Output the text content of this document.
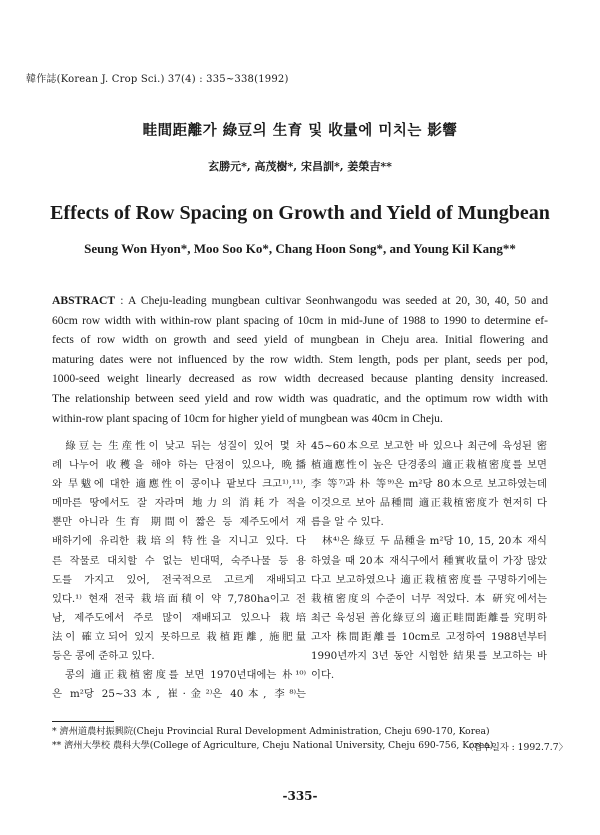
韓作誌(Korean J. Crop Sci.) 37(4) : 335~338(1992)
畦間距離가 綠豆의 生育 및 收量에 미치는 影響
玄勝元*, 高茂樹*, 宋昌訓*, 姜榮吉**
Effects of Row Spacing on Growth and Yield of Mungbean
Seung Won Hyon*, Moo Soo Ko*, Chang Hoon Song*, and Young Kil Kang**
ABSTRACT : A Cheju-leading mungbean cultivar Seonhwangodu was seeded at 20, 30, 40, 50 and
60cm row width with within-row plant spacing of 10cm in mid-June of 1988 to 1990 to determine ef-
fects of row width on growth and seed yield of mungbean in Cheju area. Initial flowering and
maturing dates were not influenced by the row width. Stem length, pods per plant, seeds per pod,
1000-seed weight linearly decreased as row width decreased because planting density increased.
The relationship between seed yield and row width was quadratic, and the optimum row width with
within-row plant spacing of 10cm for higher yield of mungbean was 40cm in Cheju.
　綠豆는 生産性이 낮고 뒤는 성질이 있어 몇 차
례 나누어 收穫을 해야 하는 단점이 있으나, 晩播
와 旱魃에 대한 適應性이 콩이나 팥보다 크고¹⁾,¹¹⁾,
메마른 땅에서도 잘 자라며 地力의 消耗가 적을
뿐만 아니라 生育 期間이 짧은 등 제주도에서 재
배하기에 유리한 栽培의 特性을 지니고 있다. 다
른 작물로 대치할 수 없는 빈대떡, 숙주나물 등 용
도를 가지고 있어, 전국적으로 고르게 재배되고
있다.¹⁾ 현재 전국 栽培面積이 약 7,780ha이고 전
남, 제주도에서 주로 많이 재배되고 있으나 栽培
法이 確立되어 있지 못하므로 栽植距離, 施肥量
등은 콩에 준하고 있다.
　콩의 適正栽植密度를 보면 1970년대에는 朴¹⁰⁾
은 m²당 25~33本, 崔·金²⁾은 40本, 李⁸⁾는
45~60本으로 보고한 바 있으나 최근에 육성된 密
植適應性이 높은 단경종의 適正栽植密度를 보면
李 等⁷⁾과 朴 等⁹⁾은 m²당 80本으로 보고하였는데
이것으로 보아 品種間 適正栽植密度가 현저히 다
름을 알 수 있다.
　林⁴⁾은 綠豆 두 品種을 m²당 10, 15, 20本 재식
하였을 때 20本 재식구에서 種實收量이 가장 많았
다고 보고하였으나 適正栽植密度를 구명하기에는
栽植密度의 수준이 너무 적었다. 本 硏究에서는
최근 육성된 善化綠豆의 適正畦間距離를 究明하
고자 株間距離를 10cm로 고정하여 1988년부터
1990년까지 3년 동안 시험한 結果를 보고하는 바
이다.
* 濟州道農村振興院(Cheju Provincial Rural Development Administration, Cheju 690-170, Korea)
** 濟州大學校 農科大學(College of Agriculture, Cheju National University, Cheju 690-756, Korea)
〈접수일자 : 1992.7.7〉
-335-
